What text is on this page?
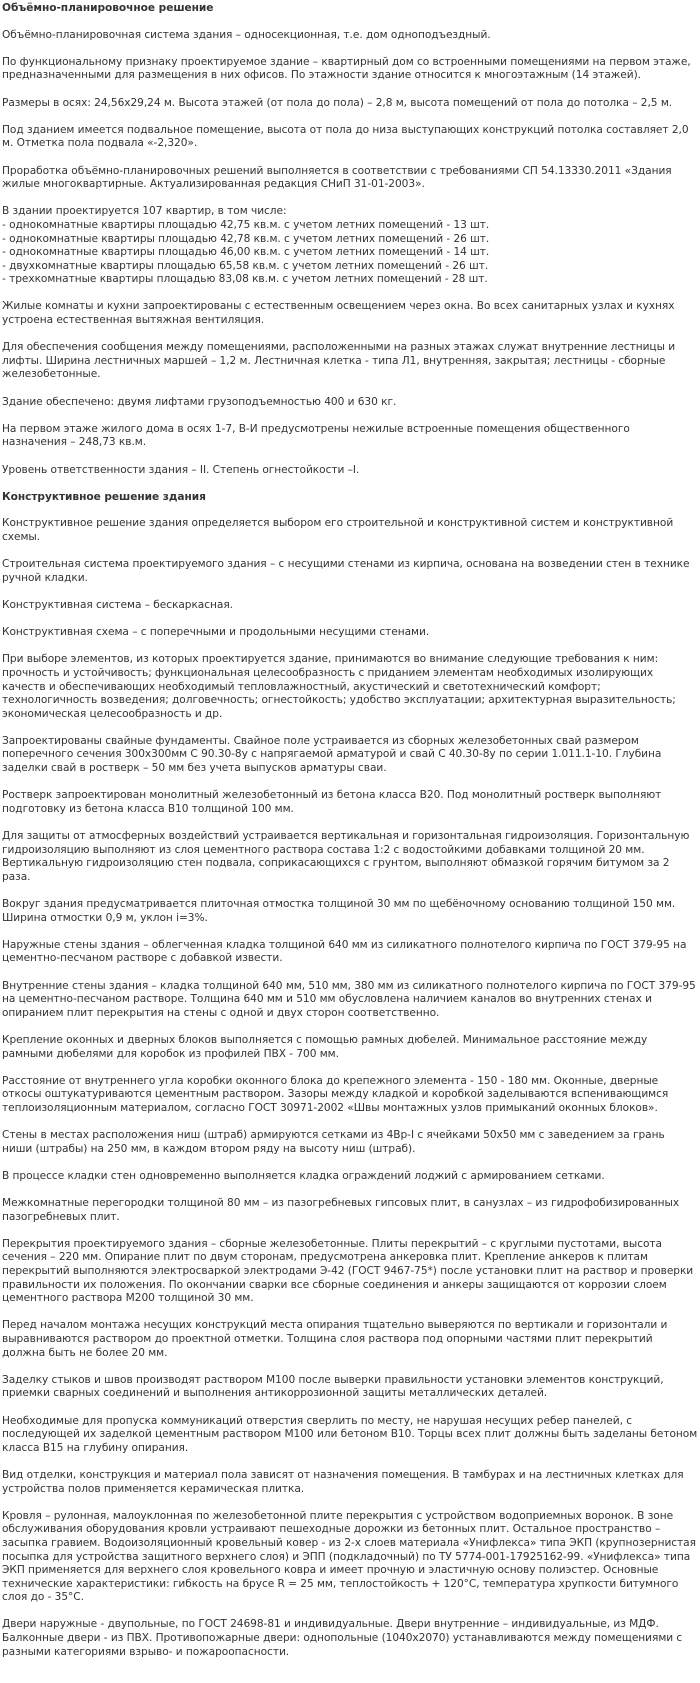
Объёмно-планировочное решение
Объёмно-планировочная система здания – односекционная, т.е. дом одноподъездный.
По функциональному признаку проектируемое здание – квартирный дом со встроенными помещениями на первом этаже, предназначенными для размещения в них офисов. По этажности здание относится к многоэтажным (14 этажей).
Размеры в осях: 24,56х29,24 м. Высота этажей (от пола до пола) – 2,8 м, высота помещений от пола до потолка – 2,5 м.
Под зданием имеется подвальное помещение, высота от пола до низа выступающих конструкций потолка составляет 2,0 м. Отметка пола подвала «-2,320».
Проработка объёмно-планировочных решений выполняется в соответствии с требованиями СП 54.13330.2011 «Здания жилые многоквартирные. Актуализированная редакция СНиП 31-01-2003».
В здании проектируется 107 квартир, в том числе:
- однокомнатные квартиры площадью 42,75 кв.м. с учетом летних помещений - 13 шт.
- однокомнатные квартиры площадью 42,78 кв.м. с учетом летних помещений - 26 шт.
- однокомнатные квартиры площадью 46,00 кв.м. с учетом летних помещений - 14 шт.
- двухкомнатные квартиры площадью 65,58 кв.м. с учетом летних помещений - 26 шт.
- трехкомнатные квартиры площадью 83,08 кв.м. с учетом летних помещений - 28 шт.
Жилые комнаты и кухни запроектированы с естественным освещением через окна. Во всех санитарных узлах и кухнях устроена естественная вытяжная вентиляция.
Для обеспечения сообщения между помещениями, расположенными на разных этажах служат внутренние лестницы и лифты. Ширина лестничных маршей – 1,2 м. Лестничная клетка - типа Л1, внутренняя, закрытая; лестницы - сборные железобетонные.
Здание обеспечено: двумя лифтами грузоподъемностью 400 и 630 кг.
На первом этаже жилого дома в осях 1-7, В-И предусмотрены нежилые встроенные помещения общественного назначения – 248,73 кв.м.
Уровень ответственности здания – II. Степень огнестойкости –I.
Конструктивное решение здания
Конструктивное решение здания определяется выбором его строительной и конструктивной систем и конструктивной схемы.
Строительная система проектируемого здания – с несущими стенами из кирпича, основана на возведении стен в технике ручной кладки.
Конструктивная система – бескаркасная.
Конструктивная схема – с поперечными и продольными несущими стенами.
При выборе элементов, из которых проектируется здание, принимаются во внимание следующие требования к ним: прочность и устойчивость; функциональная целесообразность с приданием элементам необходимых изолирующих качеств и обеспечивающих необходимый тепловлажностный, акустический и светотехнический комфорт; технологичность возведения; долговечность; огнестойкость; удобство эксплуатации; архитектурная выразительность; экономическая целесообразность и др.
Запроектированы свайные фундаменты. Свайное поле устраивается из сборных железобетонных свай размером поперечного сечения 300х300мм С 90.30-8у с напрягаемой арматурой и свай С 40.30-8у по серии 1.011.1-10. Глубина заделки свай в ростверк – 50 мм без учета выпусков арматуры сваи.
Ростверк запроектирован монолитный железобетонный из бетона класса В20. Под монолитный ростверк выполняют подготовку из бетона класса В10 толщиной 100 мм.
Для защиты от атмосферных воздействий устраивается вертикальная и горизонтальная гидроизоляция. Горизонтальную гидроизоляцию выполняют из слоя цементного раствора состава 1:2 с водостойкими добавками толщиной 20 мм. Вертикальную гидроизоляцию стен подвала, соприкасающихся с грунтом, выполняют обмазкой горячим битумом за 2 раза.
Вокруг здания предусматривается плиточная отмостка толщиной 30 мм по щебёночному основанию толщиной 150 мм. Ширина отмостки 0,9 м, уклон i=3%.
Наружные стены здания – облегченная кладка толщиной 640 мм из силикатного полнотелого кирпича по ГОСТ 379-95 на цементно-песчаном растворе с добавкой извести.
Внутренние стены здания – кладка толщиной 640 мм, 510 мм, 380 мм из силикатного полнотелого кирпича по ГОСТ 379-95 на цементно-песчаном растворе. Толщина 640 мм и 510 мм обусловлена наличием каналов во внутренних стенах и опиранием плит перекрытия на стены с одной и двух сторон соответственно.
Крепление оконных и дверных блоков выполняется с помощью рамных дюбелей. Минимальное расстояние между рамными дюбелями для коробок из профилей ПВХ - 700 мм.
Расстояние от внутреннего угла коробки оконного блока до крепежного элемента - 150 - 180 мм. Оконные, дверные откосы оштукатуриваются цементным раствором. Зазоры между кладкой и коробкой заделываются вспенивающимся теплоизоляционным материалом, согласно ГОСТ 30971-2002 «Швы монтажных узлов примыканий оконных блоков».
Стены в местах расположения ниш (штраб) армируются сетками из 4Вр-I с ячейками 50х50 мм с заведением за грань ниши (штрабы) на 250 мм, в каждом втором ряду на высоту ниш (штраб).
В процессе кладки стен одновременно выполняется кладка ограждений лоджий с армированием сетками.
Межкомнатные перегородки толщиной 80 мм – из пазогребневых гипсовых плит, в санузлах – из гидрофобизированных пазогребневых плит.
Перекрытия проектируемого здания – сборные железобетонные. Плиты перекрытий – с круглыми пустотами, высота сечения – 220 мм. Опирание плит по двум сторонам, предусмотрена анкеровка плит. Крепление анкеров к плитам перекрытий выполняются электросваркой электродами Э-42 (ГОСТ 9467-75*) после установки плит на раствор и проверки правильности их положения. По окончании сварки все сборные соединения и анкеры защищаются от коррозии слоем цементного раствора М200 толщиной 30 мм.
Перед началом монтажа несущих конструкций места опирания тщательно выверяются по вертикали и горизонтали и выравниваются раствором до проектной отметки. Толщина слоя раствора под опорными частями плит перекрытий должна быть не более 20 мм.
Заделку стыков и швов производят раствором М100 после выверки правильности установки элементов конструкций, приемки сварных соединений и выполнения антикоррозионной защиты металлических деталей.
Необходимые для пропуска коммуникаций отверстия сверлить по месту, не нарушая несущих ребер панелей, с последующей их заделкой цементным раствором М100 или бетоном В10. Торцы всех плит должны быть заделаны бетоном класса В15 на глубину опирания.
Вид отделки, конструкция и материал пола зависят от назначения помещения. В тамбурах и на лестничных клетках для устройства полов применяется керамическая плитка.
Кровля – рулонная, малоуклонная по железобетонной плите перекрытия с устройством водоприемных воронок. В зоне обслуживания оборудования кровли устраивают пешеходные дорожки из бетонных плит. Остальное пространство – засыпка гравием. Водоизоляционный кровельный ковер - из 2-х слоев материала «Унифлекса» типа ЭКП (крупнозернистая посыпка для устройства защитного верхнего слоя) и ЭПП (подкладочный) по ТУ 5774-001-17925162-99. «Унифлекса» типа ЭКП применяется для верхнего слоя кровельного ковра и имеет прочную и эластичную основу полиэстер. Основные технические характеристики: гибкость на брусе R = 25 мм, теплостойкость + 120°С, температура хрупкости битумного слоя до - 35°С.
Двери наружные - двупольные, по ГОСТ 24698-81 и индивидуальные. Двери внутренние – индивидуальные, из МДФ. Балконные двери - из ПВХ. Противопожарные двери: однопольные (1040х2070) устанавливаются между помещениями с разными категориями взрыво- и пожароопасности.
